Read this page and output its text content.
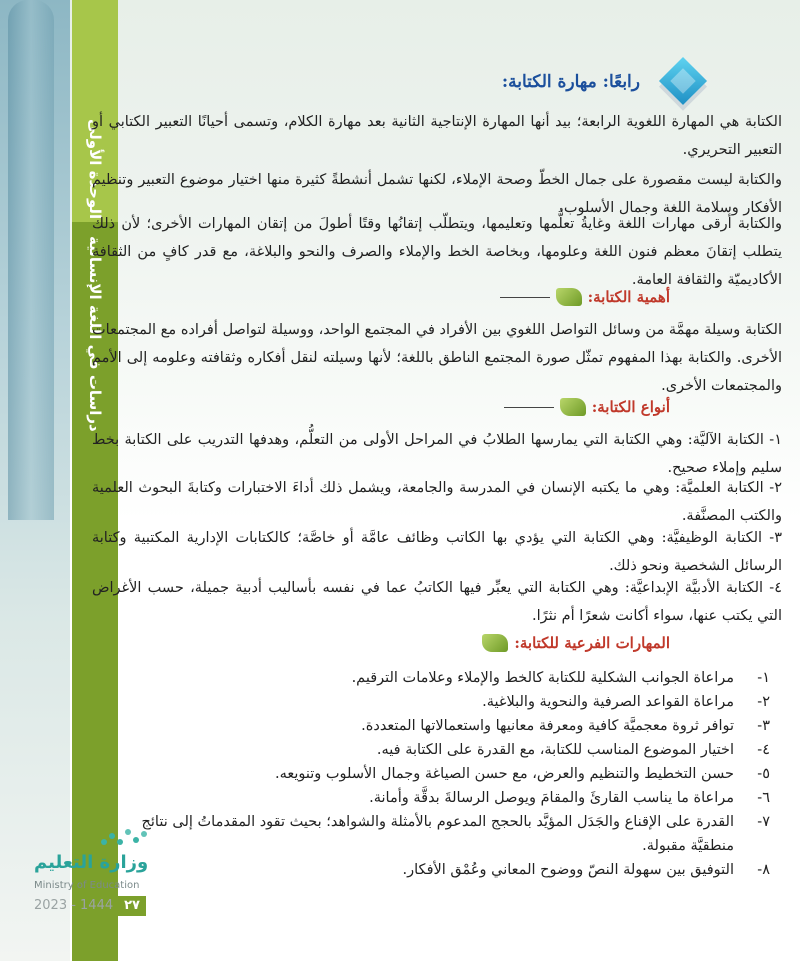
الوحدة الأولى
دراسات في اللغة الإنسانية
رابعًا: مهارة الكتابة:
الكتابة هي المهارة اللغوية الرابعة؛ بيد أنها المهارة الإنتاجية الثانية بعد مهارة الكلام، وتسمى أحيانًا التعبير الكتابي أو التعبير التحريري.
والكتابة ليست مقصورة على جمال الخطّ وصحة الإملاء، لكنها تشمل أنشطةً كثيرة منها اختيار موضوع التعبير وتنظيم الأفكار وسلامة اللغة وجمال الأسلوب.
والكتابة أرقى مهارات اللغة وغايةُ تعلُّمها وتعليمها، ويتطلّب إتقانُها وقتًا أطولَ من إتقان المهارات الأخرى؛ لأن ذلك يتطلب إتقانَ معظم فنون اللغة وعلومها، وبخاصة الخط والإملاء والصرف والنحو والبلاغة، مع قدر كافٍ من الثقافة الأكاديميّة والثقافة العامة.
أهمية الكتابة:
الكتابة وسيلة مهمَّة من وسائل التواصل اللغوي بين الأفراد في المجتمع الواحد، ووسيلة لتواصل أفراده مع المجتمعات الأخرى. والكتابة بهذا المفهوم تمثّل صورة المجتمع الناطق باللغة؛ لأنها وسيلته لنقل أفكاره وثقافته وعلومه إلى الأمم والمجتمعات الأخرى.
أنواع الكتابة:
١- الكتابة الآليَّة: وهي الكتابة التي يمارسها الطلابُ في المراحل الأولى من التعلُّم، وهدفها التدريب على الكتابة بخط سليم وإملاء صحيح.
٢- الكتابة العلميَّة: وهي ما يكتبه الإنسان في المدرسة والجامعة، ويشمل ذلك أداءَ الاختبارات وكتابةَ البحوث العلمية والكتب المصنَّفة.
٣- الكتابة الوظيفيَّة: وهي الكتابة التي يؤدي بها الكاتب وظائف عامَّة أو خاصَّة؛ كالكتابات الإدارية المكتبية وكتابة الرسائل الشخصية ونحو ذلك.
٤- الكتابة الأدبيَّة الإبداعيَّة: وهي الكتابة التي يعبِّر فيها الكاتبُ عما في نفسه بأساليب أدبية جميلة، حسب الأغراض التي يكتب عنها، سواء أكانت شعرًا أم نثرًا.
المهارات الفرعية للكتابة:
١-
مراعاة الجوانب الشكلية للكتابة كالخط والإملاء وعلامات الترقيم.
٢-
مراعاة القواعد الصرفية والنحوية والبلاغية.
٣-
توافر ثروة معجميَّة كافية ومعرفة معانيها واستعمالاتها المتعددة.
٤-
اختيار الموضوع المناسب للكتابة، مع القدرة على الكتابة فيه.
٥-
حسن التخطيط والتنظيم والعرض، مع حسن الصياغة وجمال الأسلوب وتنويعه.
٦-
مراعاة ما يناسب القارئَ والمقامَ ويوصل الرسالةَ بدقَّة وأمانة.
٧-
القدرة على الإقناع والجَدَل المؤيَّد بالحجج المدعوم بالأمثلة والشواهد؛ بحيث تقود المقدماتُ إلى نتائج منطقيَّة مقبولة.
٨-
التوفيق بين سهولة النصّ ووضوح المعاني وعُمْق الأفكار.
وزارة التعليم
Ministry of Education
2023 - 1444 ٢٧
